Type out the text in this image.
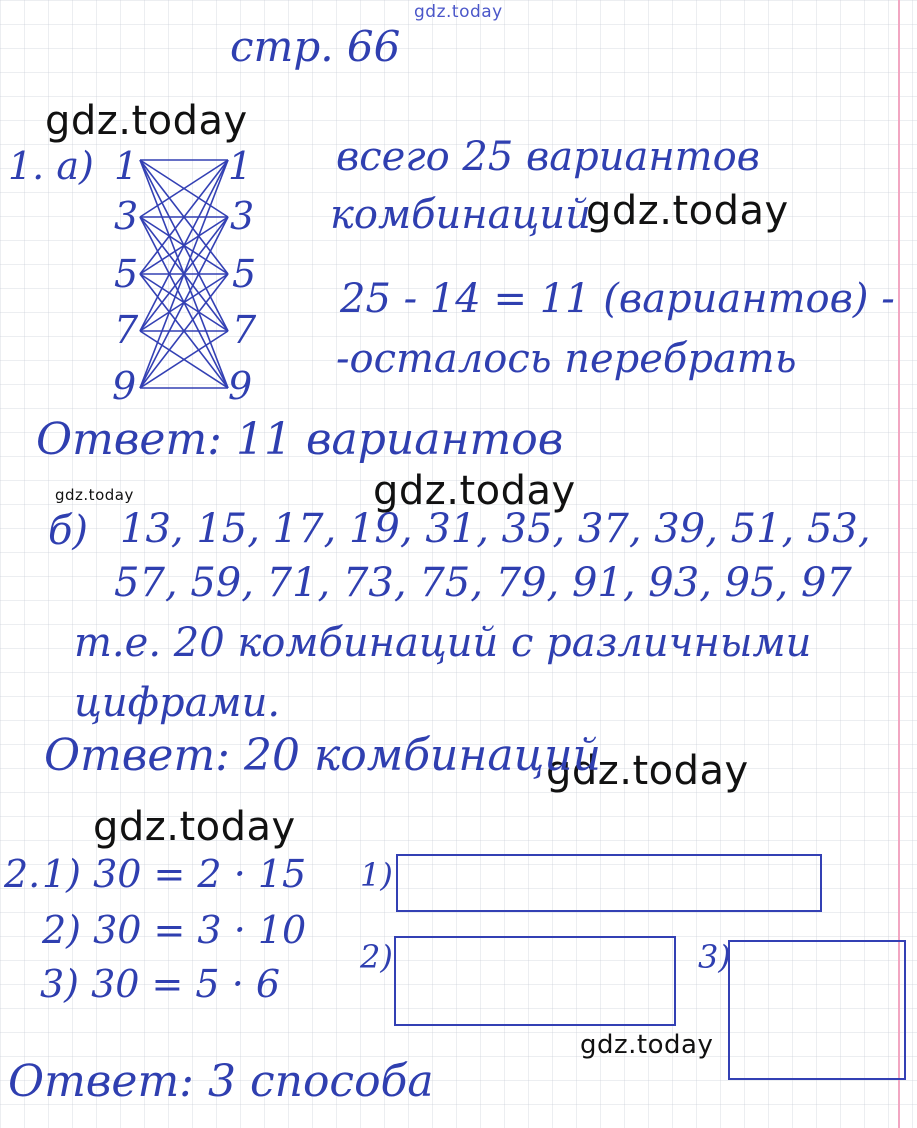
gdz.today
gdz.today
gdz.today
gdz.today	gdz.today
gdz.today
gdz.today
gdz.today
стр. 66
1. а) 1
3
5
7
9
1
3
5
7
9
всего 25 вариантов
комбинаций
25 - 14 = 11 (вариантов) -
-осталось перебрать
Ответ: 11 вариантов
б) 13, 15, 17, 19, 31, 35, 37, 39, 51, 53,
57, 59, 71, 73, 75, 79, 91, 93, 95, 97
т.е. 20 комбинаций с различными
цифрами.
Ответ: 20 комбинаций
2. 1) 30 = 2 · 15
2) 30 = 3 · 10
3) 30 = 5 · 6
1)
2)	3)
Ответ: 3 способа
